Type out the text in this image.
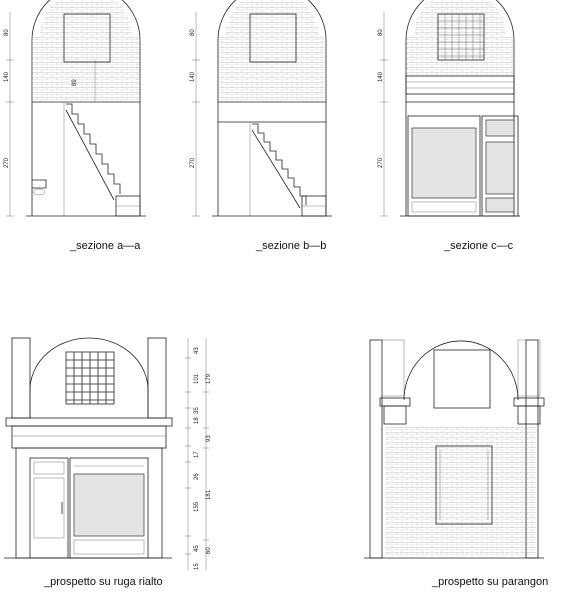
80
140
270
89
80
140
270
80
140
270
43
101
35
18
17
26
155
45
15
179
93
181
60
_sezione a—a	_sezione b—b	_sezione c—c
_prospetto su ruga rialto	_prospetto su parangon
